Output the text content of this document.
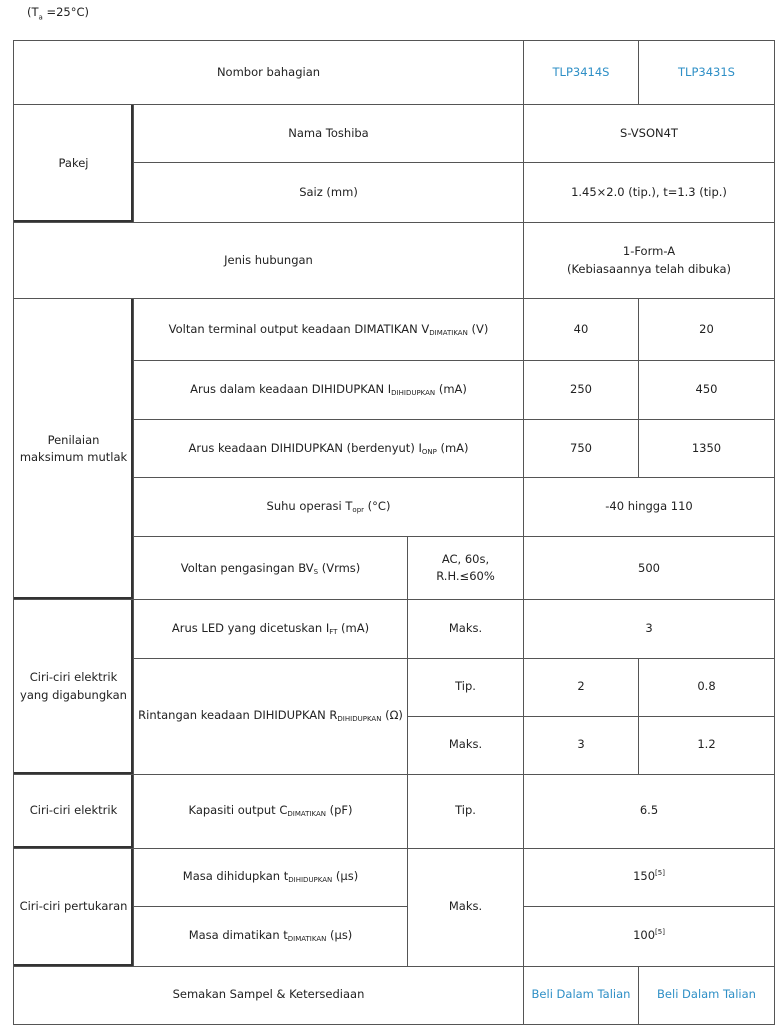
$(T_a =25^\circ C)$
Nombor bahagian			TLP3414S	TLP3431S
Pakej	Nama Toshiba		S-VSON4T	
	Saiz (mm)		1.45×2.0 (tip.), t=1.3 (tip.)	
Jenis hubungan			1-Form-A
(Kebiasaannya telah dibuka)	
Penilaian maksimum mutlak	Voltan terminal output keadaan DIMATIKAN $V_{DIMATIKAN}$ (V)		40	20
	Arus dalam keadaan DIHIDUPKAN $I_{DIHIDUPKAN}$ (mA)		250	450
	Arus keadaan DIHIDUPKAN (berdenyut) $I_{ONP}$ (mA)		750	1350
	Suhu operasi $T_{opr}$ (°C)		-40 hingga 110	
	Voltan pengasingan $BV_S$ (Vrms)	AC, 60s, R.H.≤60%	500	
Ciri-ciri elektrik yang digabungkan	Arus LED yang dicetuskan $I_{FT}$ (mA)	Maks.	3	
	Rintangan keadaan DIHIDUPKAN $R_{DIHIDUPKAN}$ (Ω)	Tip.	2	0.8
		Maks.	3	1.2
Ciri-ciri elektrik	Kapasiti output $C_{DIMATIKAN}$ (pF)	Tip.	6.5	
Ciri-ciri pertukaran	Masa dihidupkan $t_{DIHIDUPKAN}$ (μs)	Maks.	150[5]
	Masa dimatikan $t_{DIMATIKAN}$ (μs)		100[5]
Semakan Sampel & Ketersediaan			Beli Dalam Talian	Beli Dalam Talian
